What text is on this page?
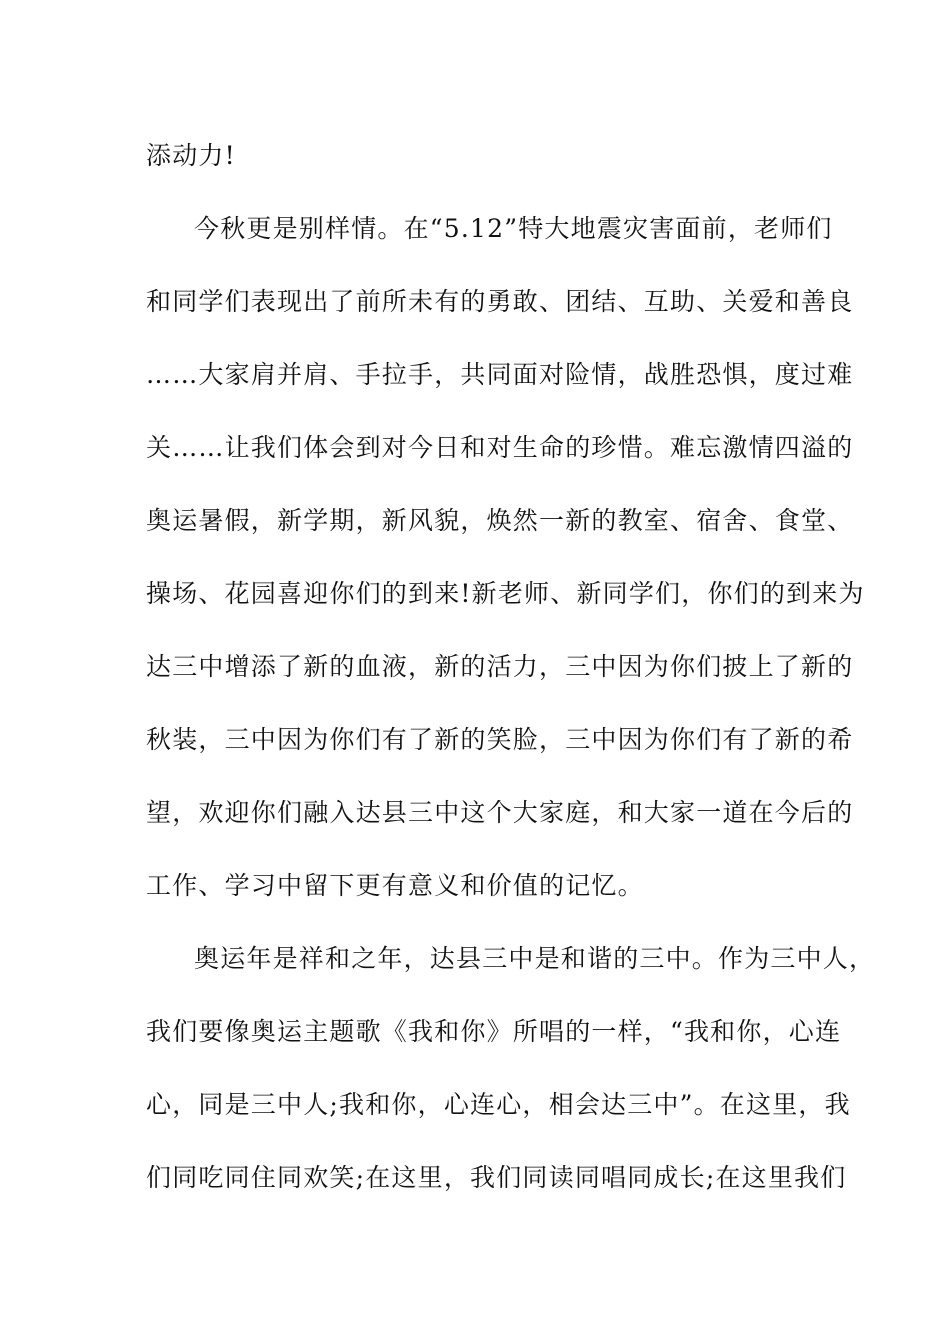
添动力!
今秋更是别样情。在“5.12”特大地震灾害面前，老师们
和同学们表现出了前所未有的勇敢、团结、互助、关爱和善良
……大家肩并肩、手拉手，共同面对险情，战胜恐惧，度过难
关……让我们体会到对今日和对生命的珍惜。难忘激情四溢的
奥运暑假，新学期，新风貌，焕然一新的教室、宿舍、食堂、
操场、花园喜迎你们的到来!新老师、新同学们，你们的到来为
达三中增添了新的血液，新的活力，三中因为你们披上了新的
秋装，三中因为你们有了新的笑脸，三中因为你们有了新的希
望，欢迎你们融入达县三中这个大家庭，和大家一道在今后的
工作、学习中留下更有意义和价值的记忆。
奥运年是祥和之年，达县三中是和谐的三中。作为三中人，
我们要像奥运主题歌《我和你》所唱的一样，“我和你，心连
心，同是三中人;我和你，心连心，相会达三中”。在这里，我
们同吃同住同欢笑;在这里，我们同读同唱同成长;在这里我们
